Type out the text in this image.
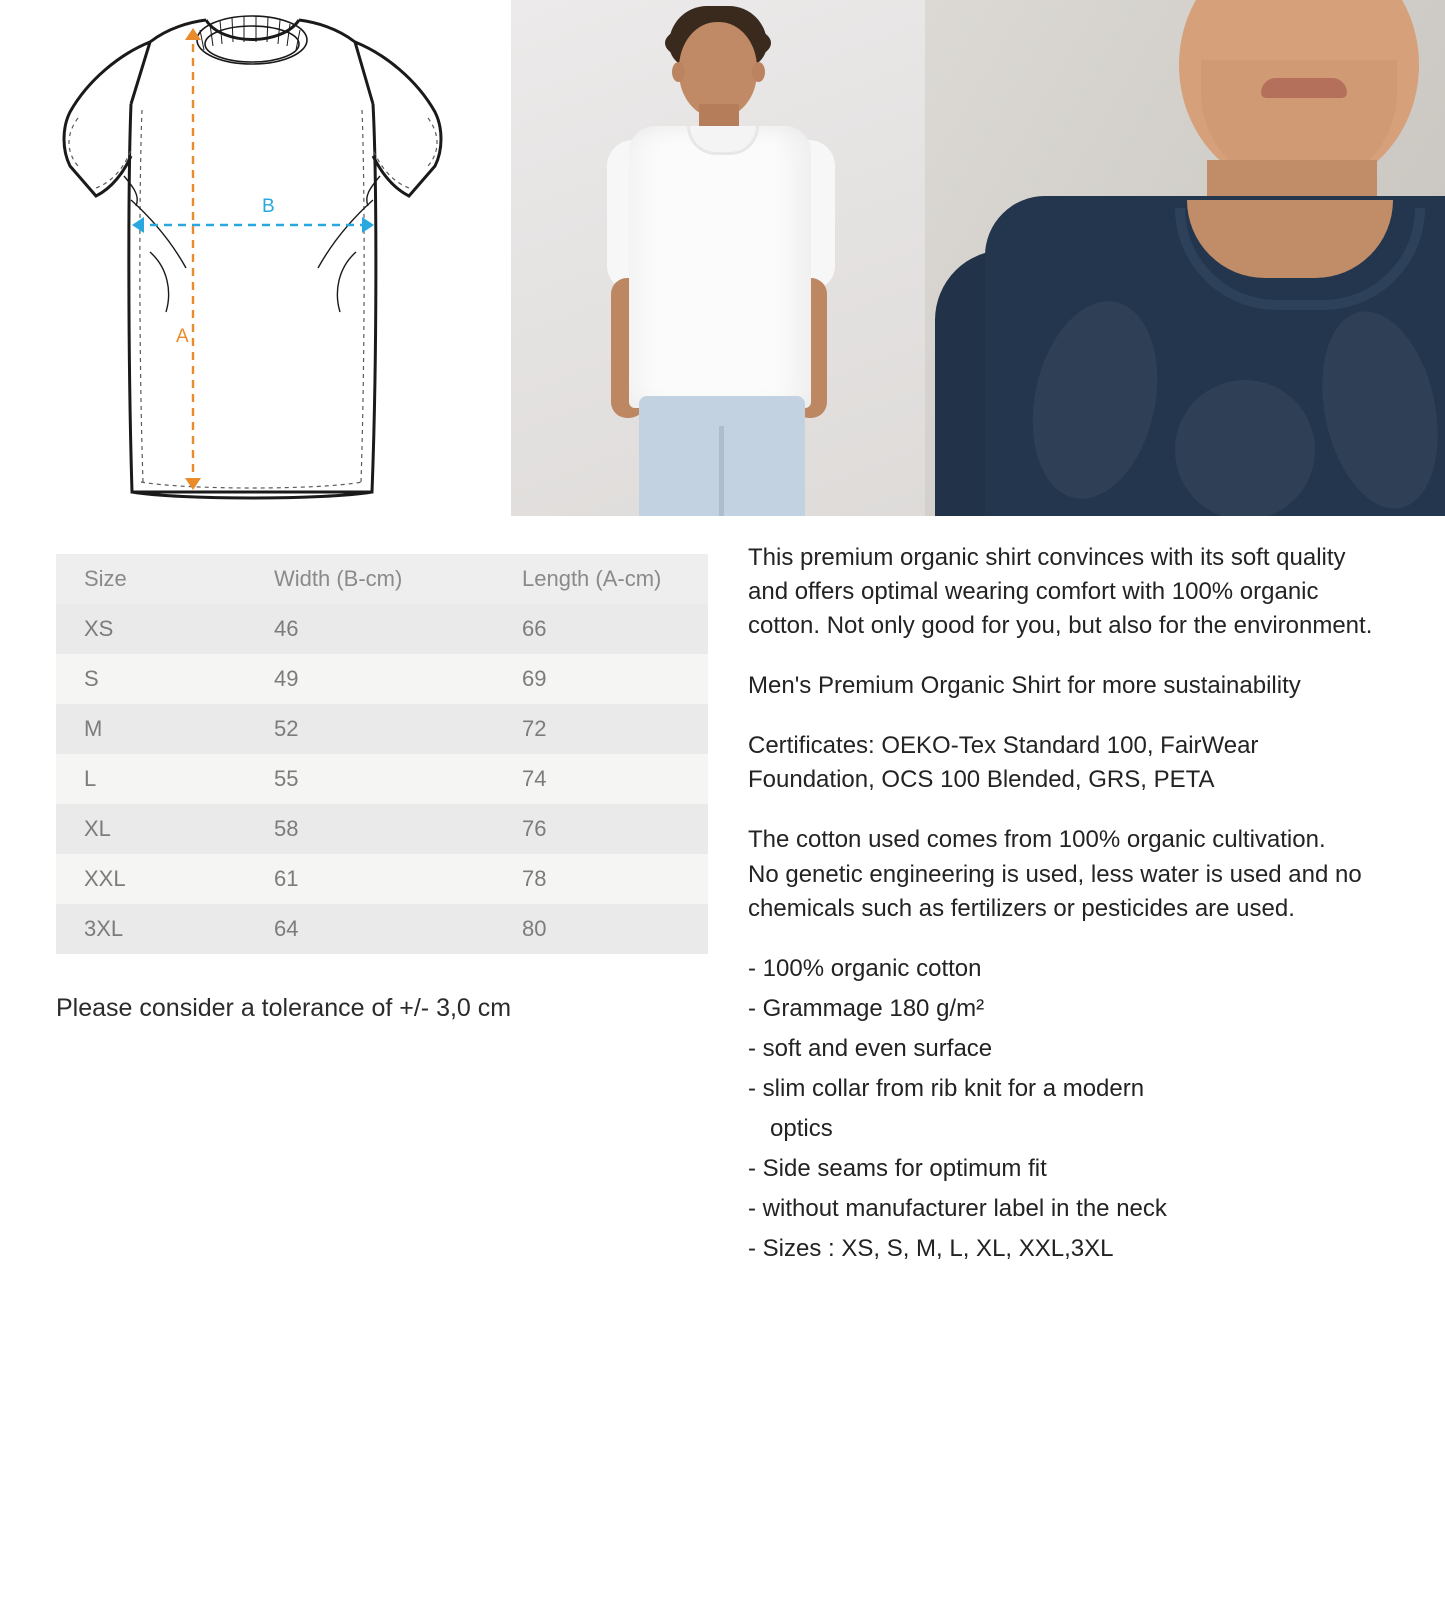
B
A
Size	Width (B-cm)	Length (A-cm)
XS	46	66
S	49	69
M	52	72
L	55	74
XL	58	76
XXL	61	78
3XL	64	80
Please consider a tolerance of +/- 3,0 cm

This premium organic shirt convinces with its soft quality and offers optimal wearing comfort with 100% organic cotton. Not only good for you, but also for the environment.

Men's Premium Organic Shirt for more sustainability

Certificates: OEKO-Tex Standard 100, FairWear Foundation, OCS 100 Blended, GRS, PETA

The cotton used comes from 100% organic cultivation.

No genetic engineering is used, less water is used and no chemicals such as fertilizers or pesticides are used.

- 100% organic cotton
- Grammage 180 g/m²
- soft and even surface
- slim collar from rib knit for a modern
optics
- Side seams for optimum fit
- without manufacturer label in the neck
- Sizes : XS, S, M, L, XL, XXL,3XL
